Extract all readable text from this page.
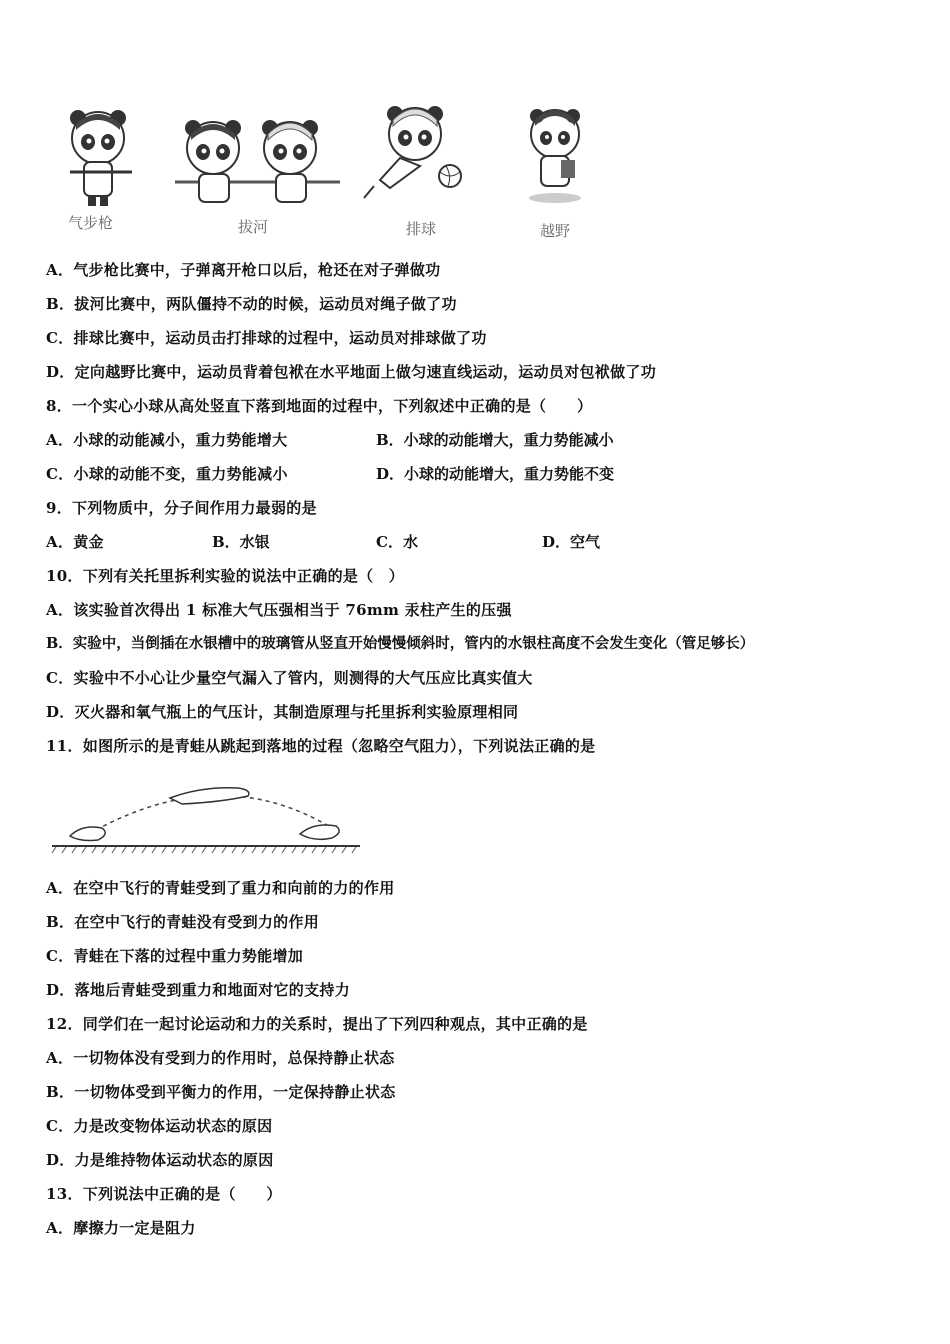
气步枪	拔河	排球	越野
A．气步枪比赛中，子弹离开枪口以后，枪还在对子弹做功
B．拔河比赛中，两队僵持不动的时候，运动员对绳子做了功
C．排球比赛中，运动员击打排球的过程中，运动员对排球做了功
D．定向越野比赛中，运动员背着包袱在水平地面上做匀速直线运动，运动员对包袱做了功
8．一个实心小球从高处竖直下落到地面的过程中，下列叙述中正确的是（　　）
A．小球的动能减小，重力势能增大	B．小球的动能增大，重力势能减小
C．小球的动能不变，重力势能减小	D．小球的动能增大，重力势能不变
9．下列物质中，分子间作用力最弱的是
A．黄金	B．水银	C．水	D．空气
10．下列有关托里拆利实验的说法中正确的是（　）
A．该实验首次得出 1 标准大气压强相当于 76mm 汞柱产生的压强
B．实验中，当倒插在水银槽中的玻璃管从竖直开始慢慢倾斜时，管内的水银柱高度不会发生变化（管足够长）
C．实验中不小心让少量空气漏入了管内，则测得的大气压应比真实值大
D．灭火器和氧气瓶上的气压计，其制造原理与托里拆利实验原理相同
11．如图所示的是青蛙从跳起到落地的过程（忽略空气阻力），下列说法正确的是
A．在空中飞行的青蛙受到了重力和向前的力的作用
B．在空中飞行的青蛙没有受到力的作用
C．青蛙在下落的过程中重力势能增加
D．落地后青蛙受到重力和地面对它的支持力
12．同学们在一起讨论运动和力的关系时，提出了下列四种观点，其中正确的是
A．一切物体没有受到力的作用时，总保持静止状态
B．一切物体受到平衡力的作用，一定保持静止状态
C．力是改变物体运动状态的原因
D．力是维持物体运动状态的原因
13．下列说法中正确的是（　　）
A．摩擦力一定是阻力
